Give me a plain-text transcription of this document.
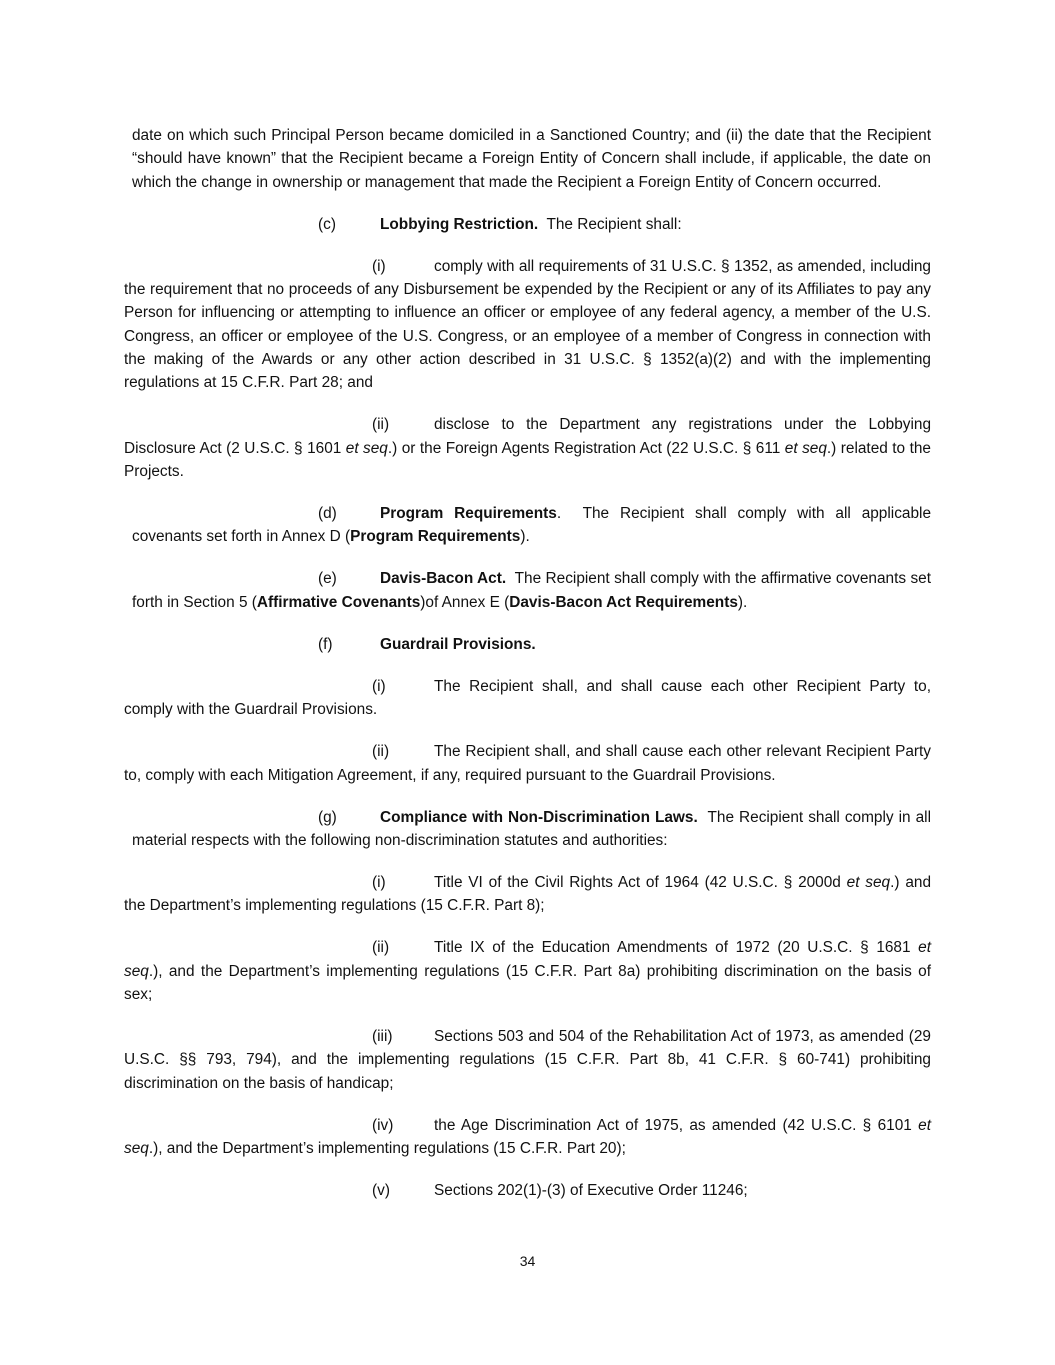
date on which such Principal Person became domiciled in a Sanctioned Country; and (ii) the date that the Recipient “should have known” that the Recipient became a Foreign Entity of Concern shall include, if applicable, the date on which the change in ownership or management that made the Recipient a Foreign Entity of Concern occurred.

(c)	Lobbying Restriction.  The Recipient shall:

(i)	comply with all requirements of 31 U.S.C. § 1352, as amended, including the requirement that no proceeds of any Disbursement be expended by the Recipient or any of its Affiliates to pay any Person for influencing or attempting to influence an officer or employee of any federal agency, a member of the U.S. Congress, an officer or employee of the U.S. Congress, or an employee of a member of Congress in connection with the making of the Awards or any other action described in 31 U.S.C. § 1352(a)(2) and with the implementing regulations at 15 C.F.R. Part 28; and

(ii)	disclose to the Department any registrations under the Lobbying Disclosure Act (2 U.S.C. § 1601 et seq.) or the Foreign Agents Registration Act (22 U.S.C. § 611 et seq.) related to the Projects.

(d)	Program Requirements.  The Recipient shall comply with all applicable covenants set forth in Annex D (Program Requirements).

(e)	Davis-Bacon Act.  The Recipient shall comply with the affirmative covenants set forth in Section 5 (Affirmative Covenants)of Annex E (Davis-Bacon Act Requirements).

(f)	Guardrail Provisions.

(i)	The Recipient shall, and shall cause each other Recipient Party to, comply with the Guardrail Provisions.

(ii)	The Recipient shall, and shall cause each other relevant Recipient Party to, comply with each Mitigation Agreement, if any, required pursuant to the Guardrail Provisions.

(g)	Compliance with Non-Discrimination Laws.  The Recipient shall comply in all material respects with the following non-discrimination statutes and authorities:

(i)	Title VI of the Civil Rights Act of 1964 (42 U.S.C. § 2000d et seq.) and the Department’s implementing regulations (15 C.F.R. Part 8);

(ii)	Title IX of the Education Amendments of 1972 (20 U.S.C. § 1681 et seq.), and the Department’s implementing regulations (15 C.F.R. Part 8a) prohibiting discrimination on the basis of sex;

(iii)	Sections 503 and 504 of the Rehabilitation Act of 1973, as amended (29 U.S.C. §§ 793, 794), and the implementing regulations (15 C.F.R. Part 8b, 41 C.F.R. § 60-741) prohibiting discrimination on the basis of handicap;

(iv)	the Age Discrimination Act of 1975, as amended (42 U.S.C. § 6101 et seq.), and the Department’s implementing regulations (15 C.F.R. Part 20);

(v)	Sections 202(1)-(3) of Executive Order 11246;

34
